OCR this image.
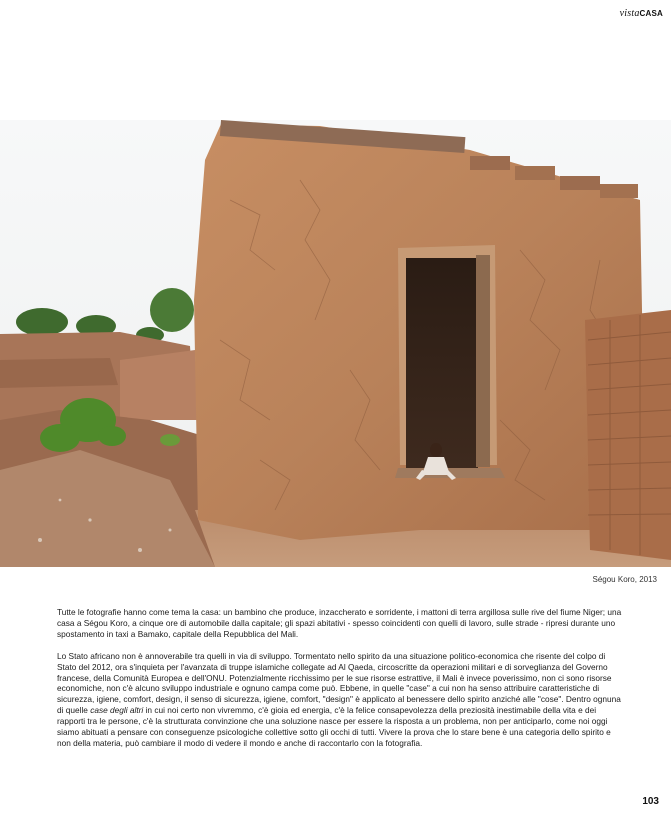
vistaCASA
Ségou Koro, 2013

Tutte le fotografie hanno come tema la casa: un bambino che produce, inzaccherato e sorridente, i mattoni di terra argillosa sulle rive del fiume Niger; una casa a Ségou Koro, a cinque ore di automobile dalla capitale; gli spazi abitativi - spesso coincidenti con quelli di lavoro, sulle strade - ripresi durante uno spostamento in taxi a Bamako, capitale della Repubblica del Mali.

Lo Stato africano non è annoverabile tra quelli in via di sviluppo. Tormentato nello spirito da una situazione politico-economica che risente del colpo di Stato del 2012, ora s'inquieta per l'avanzata di truppe islamiche collegate ad Al Qaeda, circoscritte da operazioni militari e di sorveglianza del Governo francese, della Comunità Europea e dell'ONU. Potenzialmente ricchissimo per le sue risorse estrattive, il Mali è invece poverissimo, non ci sono risorse economiche, non c'è alcuno sviluppo industriale e ognuno campa come può. Ebbene, in quelle "case" a cui non ha senso attribuire caratteristiche di sicurezza, igiene, comfort, design, il senso di sicurezza, igiene, comfort, "design" è applicato al benessere dello spirito anziché alle "cose". Dentro ognuna di quelle case degli altri in cui noi certo non vivremmo, c'è gioia ed energia, c'è la felice consapevolezza della preziosità inestimabile della vita e dei rapporti tra le persone, c'è la strutturata convinzione che una soluzione nasce per essere la risposta a un problema, non per anticiparlo, come noi oggi siamo abituati a pensare con conseguenze psicologiche collettive sotto gli occhi di tutti. Vivere la prova che lo stare bene è una categoria dello spirito e non della materia, può cambiare il modo di vedere il mondo e anche di raccontarlo con la fotografia.

103
